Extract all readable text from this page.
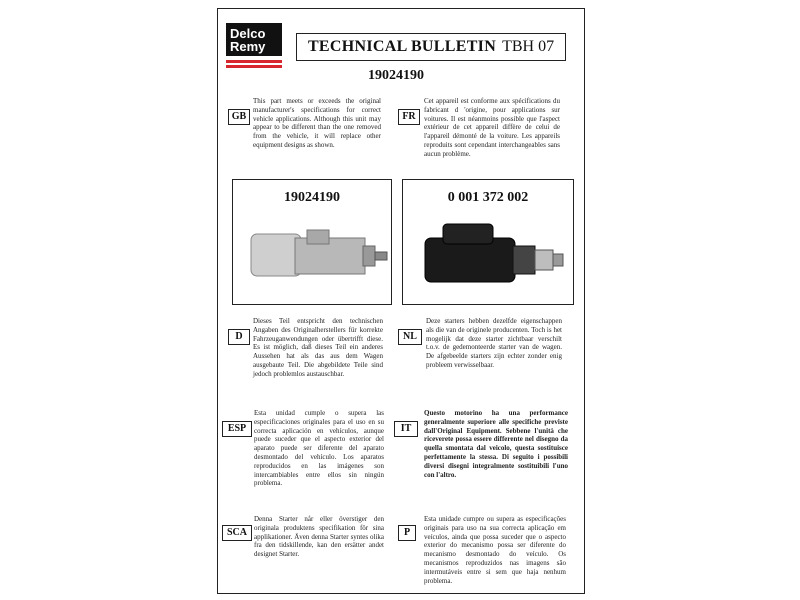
Delco
Remy	TECHNICAL BULLETIN TBH 07
19024190
GB
This part meets or exceeds the original manufacturer's specifications for correct vehicle applications. Although this unit may appear to be different than the one removed from the vehicle, it will replace other equipment designs as shown.
FR
Cet appareil est conforme aux spécifications du fabricant d 'origine, pour applications sur voitures. Il est néanmoins possible que l'aspect extérieur de cet appareil diffère de celui de l'appareil démonté de la voiture. Les appareils reproduits sont cependant interchangeables sans aucun problème.
19024190	0 001 372 002
D
Dieses Teil entspricht den technischen Angaben des Originalherstellers für korrekte Fahrzeuganwendungen oder übertrifft diese. Es ist möglich, daß dieses Teil ein anderes Aussehen hat als das aus dem Wagen ausgebaute Teil. Die abgebildete Teile sind jedoch problemlos austauschbar.
NL
Deze starters hebben dezelfde eigenschappen als die van de originele producenten. Toch is het mogelijk dat deze starter zichtbaar verschilt t.o.v. de gedemonteerde starter van de wagen. De afgebeelde starters zijn echter zonder enig probleem verwisselbaar.
ESP
Esta unidad cumple o supera las especificaciones originales para el uso en su correcta aplicación en vehículos, aunque puede suceder que el aspecto exterior del aparato puede ser diferente del aparato desmontado del vehículo. Los aparatos reproducidos en las imágenes son intercambiables entre ellos sin ningún problema.
IT
Questo motorino ha una performance generalmente superiore alle specifiche previste dall'Original Equipment. Sebbene l'unità che riceverete possa essere differente nel disegno da quella smontata dal veicolo, questa sostituisce perfettamente la stessa. Di seguito i possibili diversi disegni integralmente sostituibili l'uno con l'altro.
SCA
Denna Starter når eller överstiger den originala produktens specifikation för sina applikationer. Även denna Starter syntes olika fra den tidskillende, kan den ersätter andet designet Starter.
P
Esta unidade cumpre ou supera as especificações originais para uso na sua correcta aplicação em veículos, ainda que possa suceder que o aspecto exterior do mecanismo possa ser diferente do mecanismo desmontado do veículo. Os mecanismos reproduzidos nas imagens são intermutáveis entre si sem que haja nenhum problema.
